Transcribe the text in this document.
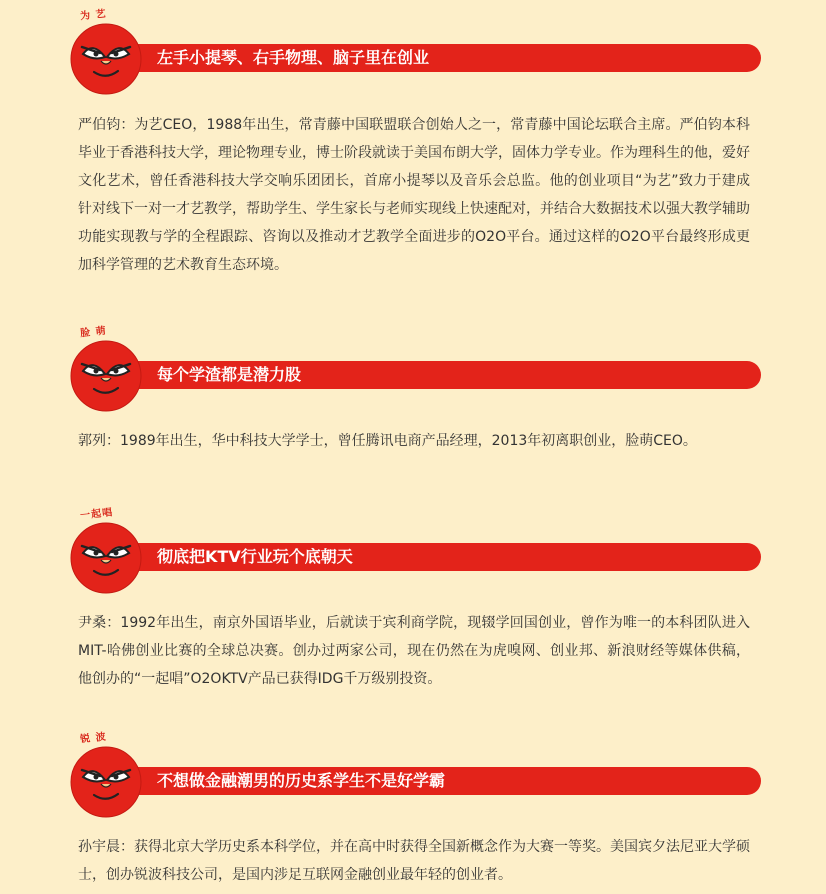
为 艺
左手小提琴、右手物理、脑子里在创业
严伯钧：为艺CEO，1988年出生，常青藤中国联盟联合创始人之一，常青藤中国论坛联合主席。严伯钧本科毕业于香港科技大学，理论物理专业，博士阶段就读于美国布朗大学，固体力学专业。作为理科生的他，爱好文化艺术，曾任香港科技大学交响乐团团长，首席小提琴以及音乐会总监。他的创业项目“为艺”致力于建成针对线下一对一才艺教学，帮助学生、学生家长与老师实现线上快速配对，并结合大数据技术以强大教学辅助功能实现教与学的全程跟踪、咨询以及推动才艺教学全面进步的O2O平台。通过这样的O2O平台最终形成更加科学管理的艺术教育生态环境。
脸 萌
每个学渣都是潜力股
郭列：1989年出生，华中科技大学学士，曾任腾讯电商产品经理，2013年初离职创业，脸萌CEO。
一起唱
彻底把KTV行业玩个底朝天
尹桑：1992年出生，南京外国语毕业，后就读于宾利商学院，现辍学回国创业，曾作为唯一的本科团队进入MIT-哈佛创业比赛的全球总决赛。创办过两家公司，现在仍然在为虎嗅网、创业邦、新浪财经等媒体供稿，他创办的“一起唱”O2OKTV产品已获得IDG千万级别投资。
锐 波
不想做金融潮男的历史系学生不是好学霸
孙宇晨：获得北京大学历史系本科学位，并在高中时获得全国新概念作为大赛一等奖。美国宾夕法尼亚大学硕士，创办锐波科技公司，是国内涉足互联网金融创业最年轻的创业者。
